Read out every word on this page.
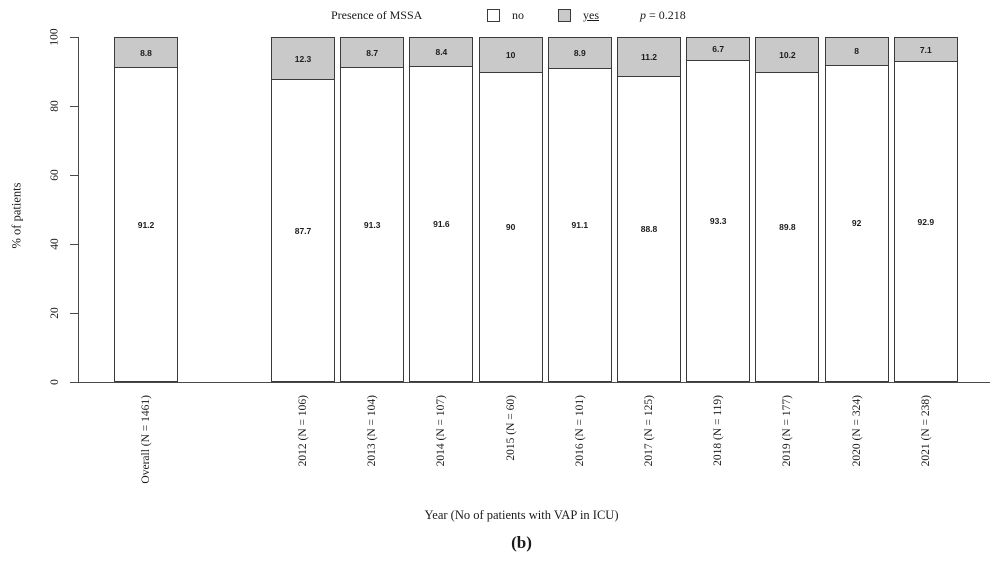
Presence of MSSA	no	yes	p = 0.218
% of patients
8.8
91.2
Overall (N = 1461)
12.3
87.7
2012 (N = 106)
8.7
91.3
2013 (N = 104)
8.4
91.6
2014 (N = 107)
10
90
2015 (N = 60)
8.9
91.1
2016 (N = 101)
11.2
88.8
2017 (N = 125)
6.7
93.3
2018 (N = 119)
10.2
89.8
2019 (N = 177)
8
92
2020 (N = 324)
7.1
92.9
2021 (N = 238)
0
20
40
60
80
100
Year (No of patients with VAP in ICU)
(b)
